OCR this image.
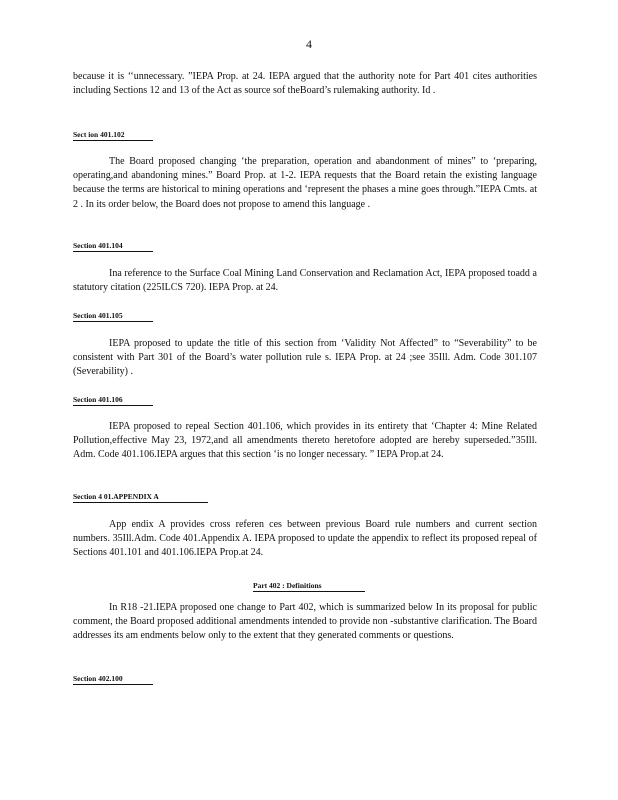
4
because it is ‘‘unnecessary. ”IEPA Prop. at 24. IEPA argued that the authority note for Part 401 cites authorities including Sections 12 and 13 of the Act as source sof theBoard’s rulemaking authority. Id .
Sect ion 401.102
The Board proposed changing ‘the preparation, operation and abandonment of mines” to ‘preparing, operating,and abandoning mines.” Board Prop. at 1-2. IEPA requests that the Board retain the existing language because the terms are historical to mining operations and ‘represent the phases a mine goes through.”IEPA Cmts. at 2 . In its order below, the Board does not propose to amend this language .
Section 401.104
Ina reference to the Surface Coal Mining Land Conservation and Reclamation Act, IEPA proposed toadd a statutory citation (225ILCS 720). IEPA Prop. at 24.
Section 401.105
IEPA proposed to update the title of this section from ‘Validity Not Affected” to “Severability” to be consistent with Part 301 of the Board’s water pollution rule s. IEPA Prop. at 24 ;see 35Ill. Adm. Code 301.107 (Severability) .
Section 401.106
IEPA proposed to repeal Section 401.106, which provides in its entirety that ‘Chapter 4: Mine Related Pollution,effective May 23, 1972,and all amendments thereto heretofore adopted are hereby superseded.”35Ill. Adm. Code 401.106.IEPA argues that this section ‘is no longer necessary. ” IEPA Prop.at 24.
Section 4 01.APPENDIX A
App endix A provides cross referen ces between previous Board rule numbers and current section numbers. 35Ill.Adm. Code 401.Appendix A. IEPA proposed to update the appendix to reflect its proposed repeal of Sections 401.101 and 401.106.IEPA Prop.at 24.
Part 402 : Definitions
In R18 -21.IEPA proposed one change to Part 402, which is summarized below In its proposal for public comment, the Board proposed additional amendments intended to provide non -substantive clarification. The Board addresses its am endments below only to the extent that they generated comments or questions.
Section 402.100
